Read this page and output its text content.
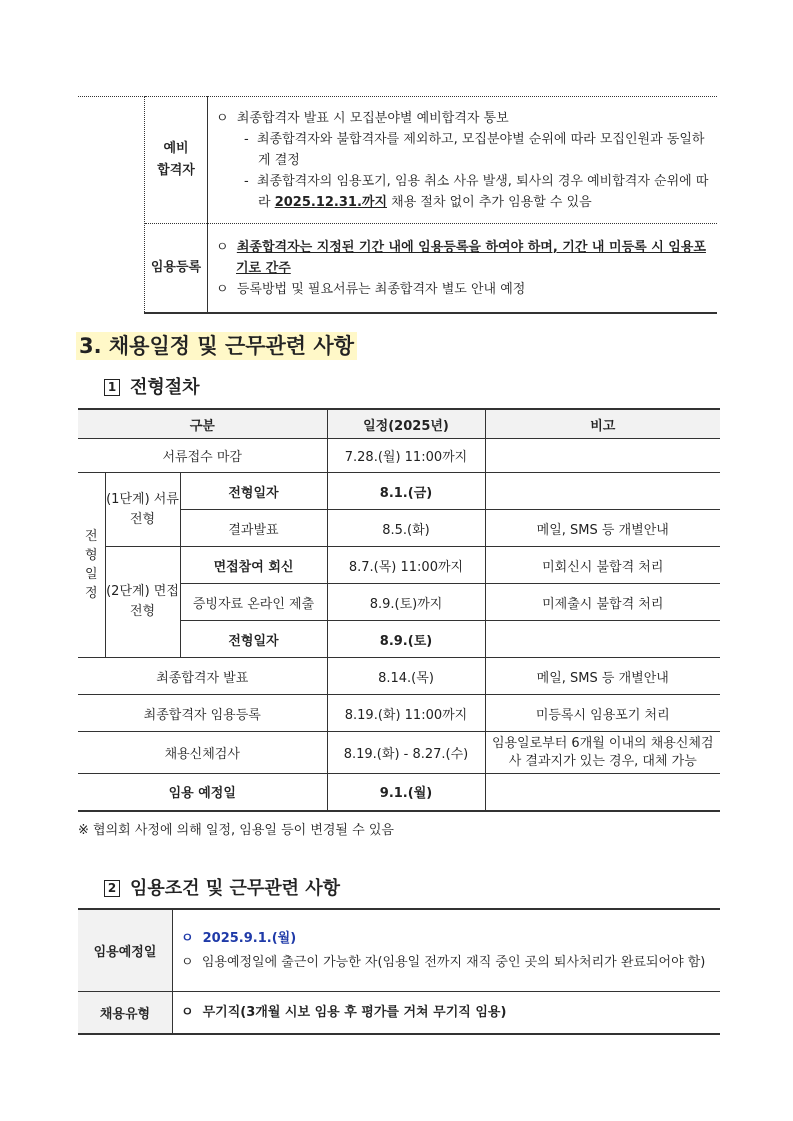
	예비
합격자	ㅇ 최종합격자 발표 시 모집분야별 예비합격자 통보
- 최종합격자와 불합격자를 제외하고, 모집분야별 순위에 따라 모집인원과 동일하게 결정
- 최종합격자의 임용포기, 임용 취소 사유 발생, 퇴사의 경우 예비합격자 순위에 따라 2025.12.31.까지 채용 절차 없이 추가 임용할 수 있음

	임용등록	ㅇ 최종합격자는 지정된 기간 내에 임용등록을 하여야 하며, 기간 내 미등록 시 임용포기로 간주
ㅇ 등록방법 및 필요서류는 최종합격자 별도 안내 예정
3. 채용일정 및 근무관련 사항
1 전형절차
구분			일정(2025년)	비고
서류접수 마감			7.28.(월) 11:00까지	
전형일정	(1단계) 서류전형	전형일자	8.1.(금)	
		결과발표	8.5.(화)	메일, SMS 등 개별안내
	(2단계) 면접전형	면접참여 회신	8.7.(목) 11:00까지	미회신시 불합격 처리
		증빙자료 온라인 제출	8.9.(토)까지	미제출시 불합격 처리
		전형일자	8.9.(토)	
최종합격자 발표			8.14.(목)	메일, SMS 등 개별안내
최종합격자 임용등록			8.19.(화) 11:00까지	미등록시 임용포기 처리
채용신체검사			8.19.(화) - 8.27.(수)	임용일로부터 6개월 이내의 채용신체검사 결과지가 있는 경우, 대체 가능
임용 예정일			9.1.(월)	
※ 협의회 사정에 의해 일정, 임용일 등이 변경될 수 있음
2 임용조건 및 근무관련 사항
임용예정일	ㅇ 2025.9.1.(월)
ㅇ 임용예정일에 출근이 가능한 자(임용일 전까지 재직 중인 곳의 퇴사처리가 완료되어야 함)

채용유형	ㅇ 무기직(3개월 시보 임용 후 평가를 거쳐 무기직 임용)
